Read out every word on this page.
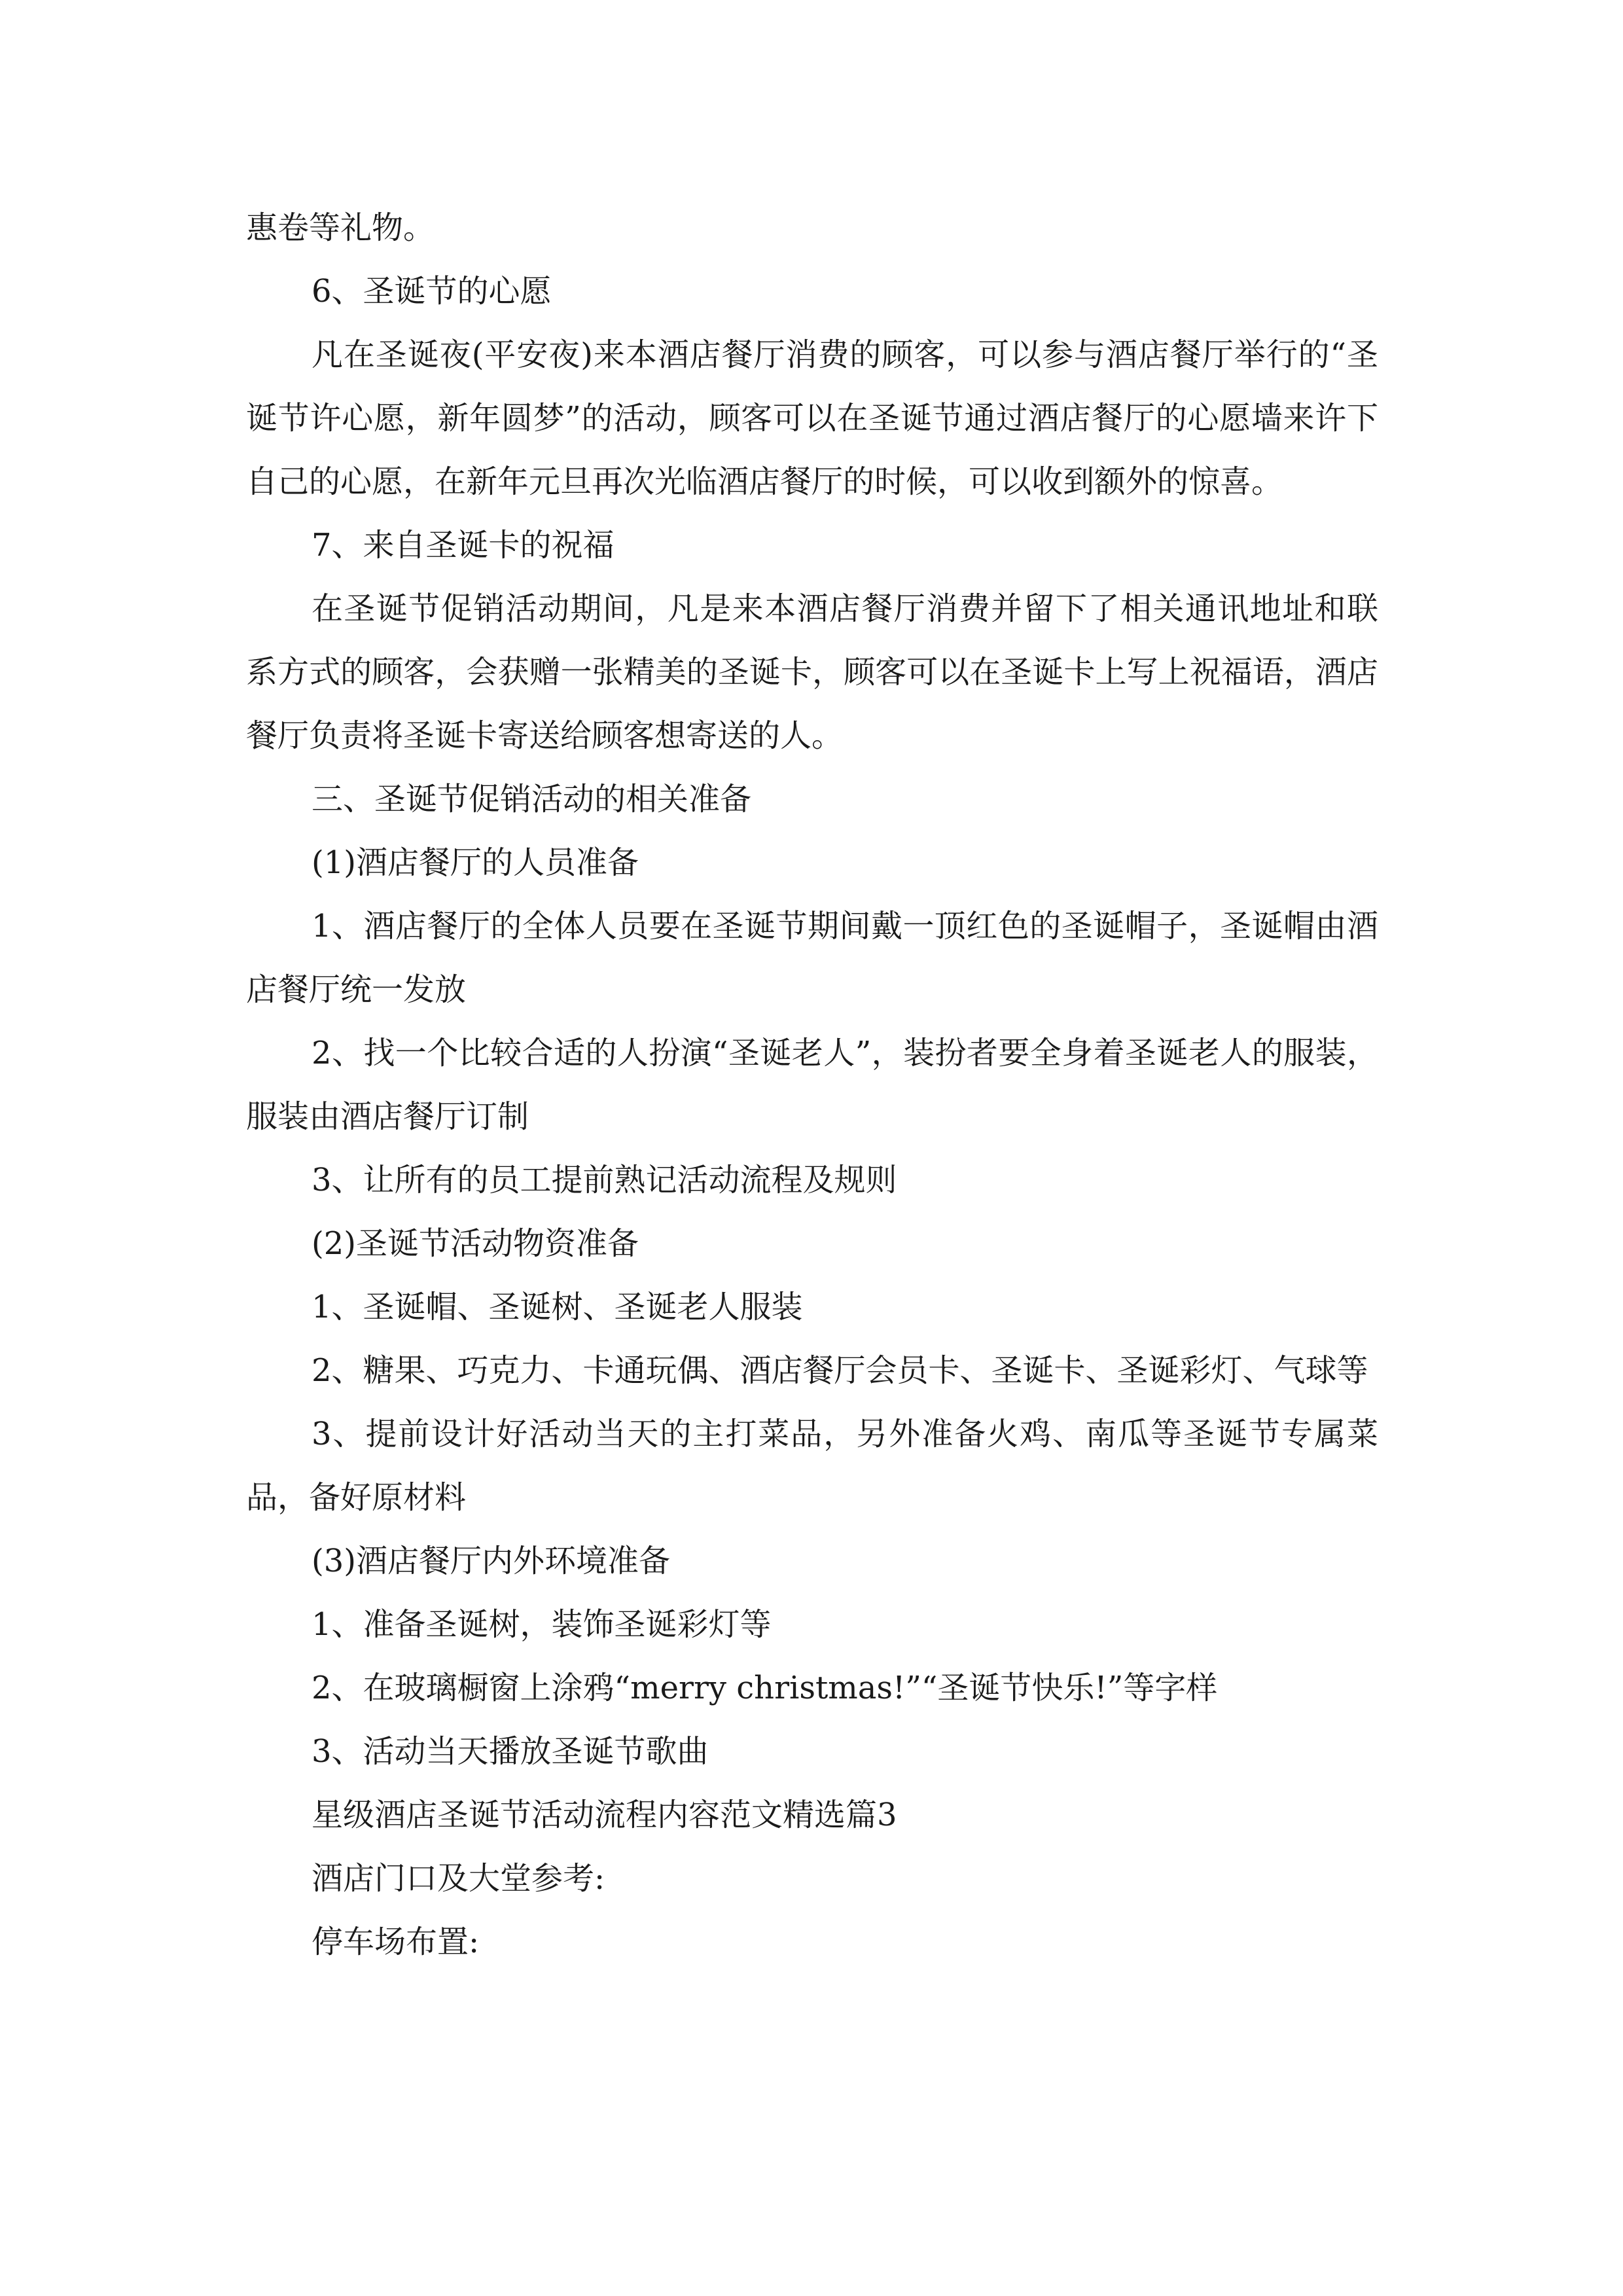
惠卷等礼物。

6、圣诞节的心愿

凡在圣诞夜(平安夜)来本酒店餐厅消费的顾客，可以参与酒店餐厅举行的“圣诞节许心愿，新年圆梦”的活动，顾客可以在圣诞节通过酒店餐厅的心愿墙来许下自己的心愿，在新年元旦再次光临酒店餐厅的时候，可以收到额外的惊喜。

7、来自圣诞卡的祝福

在圣诞节促销活动期间，凡是来本酒店餐厅消费并留下了相关通讯地址和联系方式的顾客，会获赠一张精美的圣诞卡，顾客可以在圣诞卡上写上祝福语，酒店餐厅负责将圣诞卡寄送给顾客想寄送的人。

三、圣诞节促销活动的相关准备

(1)酒店餐厅的人员准备

1、酒店餐厅的全体人员要在圣诞节期间戴一顶红色的圣诞帽子，圣诞帽由酒店餐厅统一发放

2、找一个比较合适的人扮演“圣诞老人”，装扮者要全身着圣诞老人的服装，服装由酒店餐厅订制

3、让所有的员工提前熟记活动流程及规则

(2)圣诞节活动物资准备

1、圣诞帽、圣诞树、圣诞老人服装

2、糖果、巧克力、卡通玩偶、酒店餐厅会员卡、圣诞卡、圣诞彩灯、气球等

3、提前设计好活动当天的主打菜品，另外准备火鸡、南瓜等圣诞节专属菜品，备好原材料

(3)酒店餐厅内外环境准备

1、准备圣诞树，装饰圣诞彩灯等

2、在玻璃橱窗上涂鸦“merry christmas!”“圣诞节快乐!”等字样

3、活动当天播放圣诞节歌曲

星级酒店圣诞节活动流程内容范文精选篇3

酒店门口及大堂参考:

停车场布置:
